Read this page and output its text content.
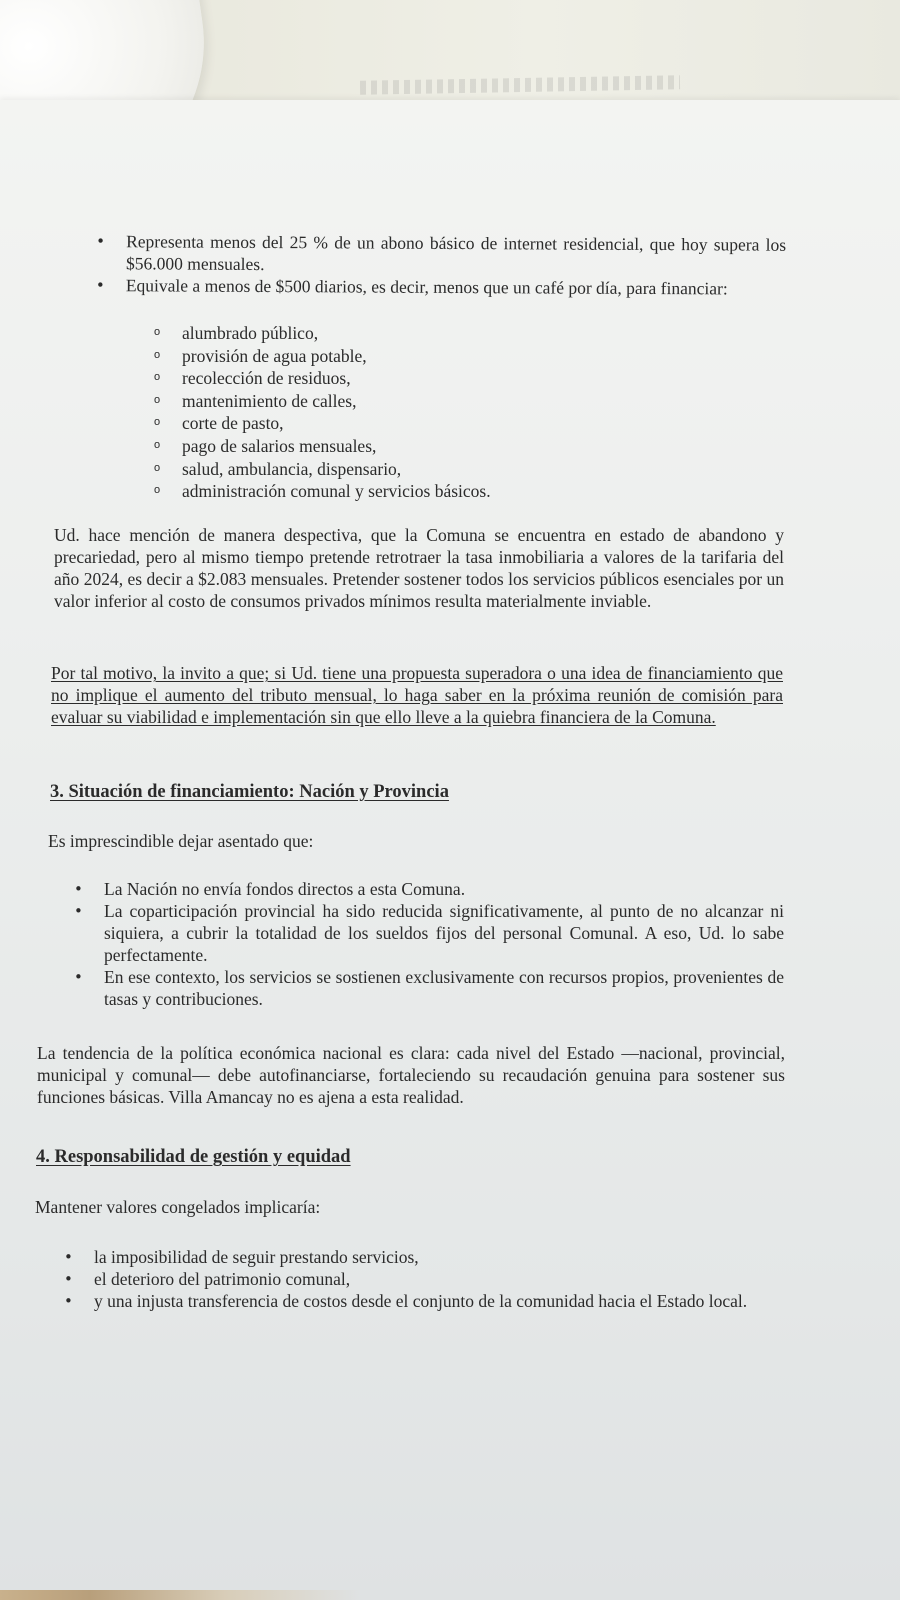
• Representa menos del 25 % de un abono básico de internet residencial, que hoy supera los $56.000 mensuales.
• Equivale a menos de $500 diarios, es decir, menos que un café por día, para financiar:
o alumbrado público,
o provisión de agua potable,
o recolección de residuos,
o mantenimiento de calles,
o corte de pasto,
o pago de salarios mensuales,
o salud, ambulancia, dispensario,
o administración comunal y servicios básicos.

Ud. hace mención de manera despectiva, que la Comuna se encuentra en estado de abandono y precariedad, pero al mismo tiempo pretende retrotraer la tasa inmobiliaria a valores de la tarifaria del año 2024, es decir a $2.083 mensuales. Pretender sostener todos los servicios públicos esenciales por un valor inferior al costo de consumos privados mínimos resulta materialmente inviable.

Por tal motivo, la invito a que; si Ud. tiene una propuesta superadora o una idea de financiamiento que no implique el aumento del tributo mensual, lo haga saber en la próxima reunión de comisión para evaluar su viabilidad e implementación sin que ello lleve a la quiebra financiera de la Comuna.

3. Situación de financiamiento: Nación y Provincia

Es imprescindible dejar asentado que:

• La Nación no envía fondos directos a esta Comuna.
• La coparticipación provincial ha sido reducida significativamente, al punto de no alcanzar ni siquiera, a cubrir la totalidad de los sueldos fijos del personal Comunal. A eso, Ud. lo sabe perfectamente.
• En ese contexto, los servicios se sostienen exclusivamente con recursos propios, provenientes de tasas y contribuciones.

La tendencia de la política económica nacional es clara: cada nivel del Estado —nacional, provincial, municipal y comunal— debe autofinanciarse, fortaleciendo su recaudación genuina para sostener sus funciones básicas. Villa Amancay no es ajena a esta realidad.

4. Responsabilidad de gestión y equidad

Mantener valores congelados implicaría:

• la imposibilidad de seguir prestando servicios,
• el deterioro del patrimonio comunal,
• y una injusta transferencia de costos desde el conjunto de la comunidad hacia el Estado local.
